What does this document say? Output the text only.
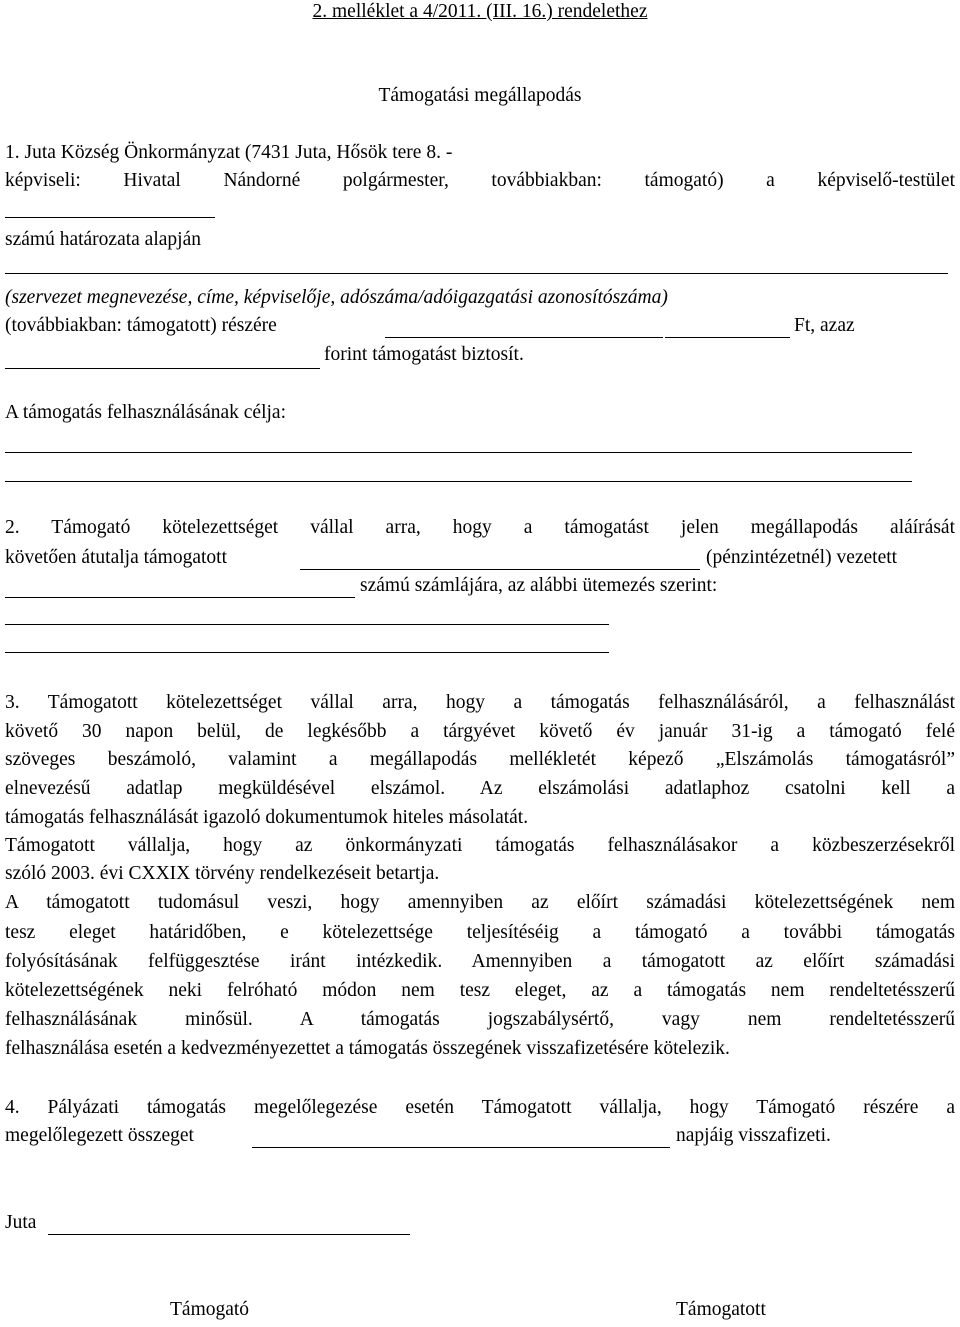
2. melléklet a 4/2011. (III. 16.) rendelethez
Támogatási megállapodás
1. Juta Község Önkormányzat (7431 Juta, Hősök tere 8. -
képviseli: Hivatal Nándorné polgármester, továbbiakban: támogató) a képviselő-testület
számú határozata alapján
(szervezet megnevezése, címe, képviselője, adószáma/adóigazgatási azonosítószáma)
(továbbiakban: támogatott) részére	Ft, azaz
forint támogatást biztosít.
A támogatás felhasználásának célja:
2. Támogató kötelezettséget vállal arra, hogy a támogatást jelen megállapodás aláírását
követően átutalja támogatott	(pénzintézetnél) vezetett
számú számlájára, az alábbi ütemezés szerint:
3. Támogatott kötelezettséget vállal arra, hogy a támogatás felhasználásáról, a felhasználást
követő 30 napon belül, de legkésőbb a tárgyévet követő év január 31-ig a támogató felé
szöveges beszámoló, valamint a megállapodás mellékletét képező „Elszámolás támogatásról”
elnevezésű adatlap megküldésével elszámol. Az elszámolási adatlaphoz csatolni kell a
támogatás felhasználását igazoló dokumentumok hiteles másolatát.
Támogatott vállalja, hogy az önkormányzati támogatás felhasználásakor a közbeszerzésekről
szóló 2003. évi CXXIX törvény rendelkezéseit betartja.
A támogatott tudomásul veszi, hogy amennyiben az előírt számadási kötelezettségének nem
tesz eleget határidőben, e kötelezettsége teljesítéséig a támogató a további támogatás
folyósításának felfüggesztése iránt intézkedik. Amennyiben a támogatott az előírt számadási
kötelezettségének neki felróható módon nem tesz eleget, az a támogatás nem rendeltetésszerű
felhasználásának minősül. A támogatás jogszabálysértő, vagy nem rendeltetésszerű
felhasználása esetén a kedvezményezettet a támogatás összegének visszafizetésére kötelezik.
4. Pályázati támogatás megelőlegezése esetén Támogatott vállalja, hogy Támogató részére a
megelőlegezett összeget	napjáig visszafizeti.
Juta
Támogató	Támogatott
